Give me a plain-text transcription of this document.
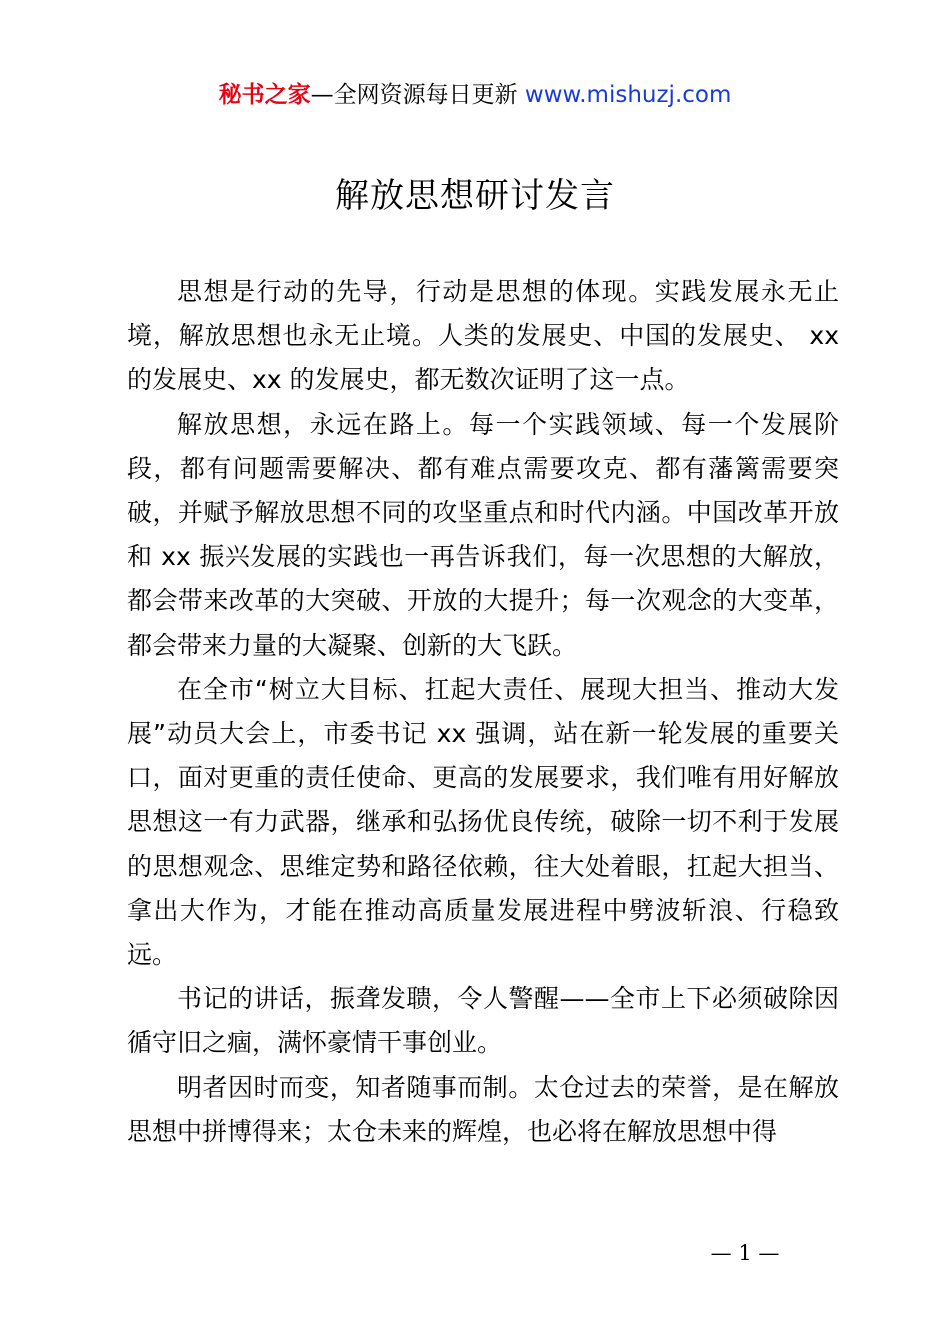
秘书之家—全网资源每日更新 www.mishuzj.com
解放思想研讨发言

思想是行动的先导，行动是思想的体现。实践发展永无止境，解放思想也永无止境。人类的发展史、中国的发展史、 xx 的发展史、xx 的发展史，都无数次证明了这一点。

解放思想，永远在路上。每一个实践领域、每一个发展阶段，都有问题需要解决、都有难点需要攻克、都有藩篱需要突破，并赋予解放思想不同的攻坚重点和时代内涵。中国改革开放和 xx 振兴发展的实践也一再告诉我们，每一次思想的大解放，都会带来改革的大突破、开放的大提升；每一次观念的大变革，都会带来力量的大凝聚、创新的大飞跃。

在全市“树立大目标、扛起大责任、展现大担当、推动大发展”动员大会上，市委书记 xx 强调，站在新一轮发展的重要关口，面对更重的责任使命、更高的发展要求，我们唯有用好解放思想这一有力武器，继承和弘扬优良传统，破除一切不利于发展的思想观念、思维定势和路径依赖，往大处着眼，扛起大担当、拿出大作为，才能在推动高质量发展进程中劈波斩浪、行稳致远。

书记的讲话，振聋发聩，令人警醒——全市上下必须破除因循守旧之痼，满怀豪情干事创业。

明者因时而变，知者随事而制。太仓过去的荣誉，是在解放思想中拼博得来；太仓未来的辉煌，也必将在解放思想中得

— 1 —
